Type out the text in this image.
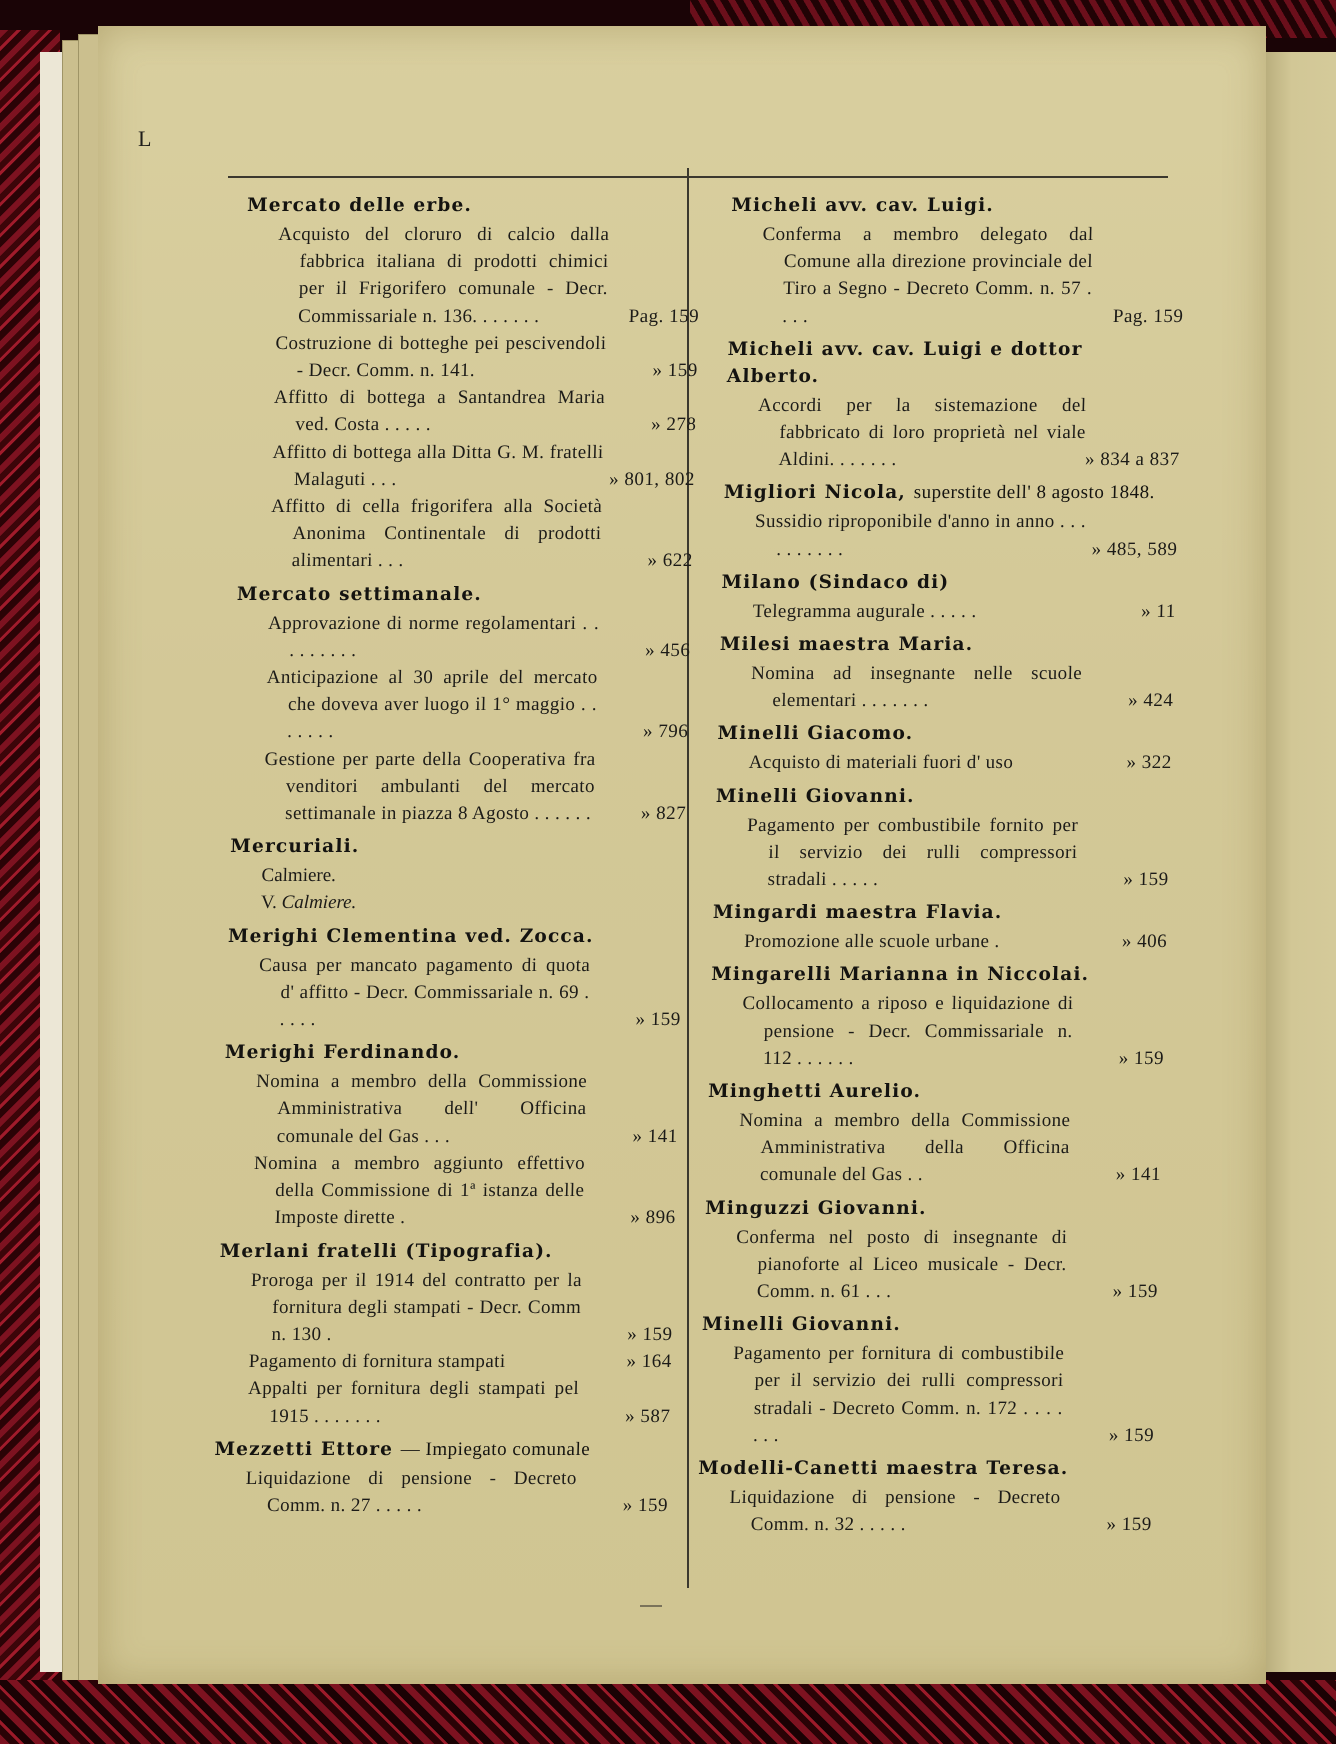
L
Mercato delle erbe.
Acquisto del cloruro di calcio dalla fabbrica italiana di prodotti chimici per il Frigorifero comunale - Decr. Commissariale n. 136. . . . . . .	Pag. 159
Costruzione di botteghe pei pescivendoli - Decr. Comm. n. 141.	» 159
Affitto di bottega a Santandrea Maria ved. Costa . . . . .	» 278
Affitto di bottega alla Ditta G. M. fratelli Malaguti . . .	» 801, 802
Affitto di cella frigorifera alla Società Anonima Continentale di prodotti alimentari . . .	» 622
Mercato settimanale.
Approvazione di norme regolamentari . . . . . . . . .	» 456
Anticipazione al 30 aprile del mercato che doveva aver luogo il 1° maggio . . . . . . .	» 796
Gestione per parte della Cooperativa fra venditori ambulanti del mercato settimanale in piazza 8 Agosto . . . . . .	» 827
Mercuriali.
Calmiere.
V. Calmiere.
Merighi Clementina ved. Zocca.
Causa per mancato pagamento di quota d' affitto - Decr. Commissariale n. 69 . . . . .	» 159
Merighi Ferdinando.
Nomina a membro della Commissione Amministrativa dell' Officina comunale del Gas . . .	» 141
Nomina a membro aggiunto effettivo della Commissione di 1ª istanza delle Imposte dirette .	» 896
Merlani fratelli (Tipografia).
Proroga per il 1914 del contratto per la fornitura degli stampati - Decr. Comm n. 130 .	» 159
Pagamento di fornitura stampati	» 164
Appalti per fornitura degli stampati pel 1915 . . . . . . .	» 587
Mezzetti Ettore — Impiegato comunale
Liquidazione di pensione - Decreto Comm. n. 27 . . . . .	» 159
Micheli avv. cav. Luigi.
Conferma a membro delegato dal Comune alla direzione provinciale del Tiro a Segno - Decreto Comm. n. 57 . . . .	Pag. 159
Micheli avv. cav. Luigi e dottor Alberto.
Accordi per la sistemazione del fabbricato di loro proprietà nel viale Aldini. . . . . . .	» 834 a 837
Migliori Nicola, superstite dell' 8 agosto 1848.
Sussidio riproponibile d'anno in anno . . . . . . . . . .	» 485, 589
Milano (Sindaco di)
Telegramma augurale . . . . .	» 11
Milesi maestra Maria.
Nomina ad insegnante nelle scuole elementari . . . . . . .	» 424
Minelli Giacomo.
Acquisto di materiali fuori d' uso	» 322
Minelli Giovanni.
Pagamento per combustibile fornito per il servizio dei rulli compressori stradali . . . . .	» 159
Mingardi maestra Flavia.
Promozione alle scuole urbane .	» 406
Mingarelli Marianna in Niccolai.
Collocamento a riposo e liquidazione di pensione - Decr. Commissariale n. 112 . . . . . .	» 159
Minghetti Aurelio.
Nomina a membro della Commissione Amministrativa della Officina comunale del Gas . .	» 141
Minguzzi Giovanni.
Conferma nel posto di insegnante di pianoforte al Liceo musicale - Decr. Comm. n. 61 . . .	» 159
Minelli Giovanni.
Pagamento per fornitura di combustibile per il servizio dei rulli compressori stradali - Decreto Comm. n. 172 . . . . . . .	» 159
Modelli-Canetti maestra Teresa.
Liquidazione di pensione - Decreto Comm. n. 32 . . . . .	» 159
